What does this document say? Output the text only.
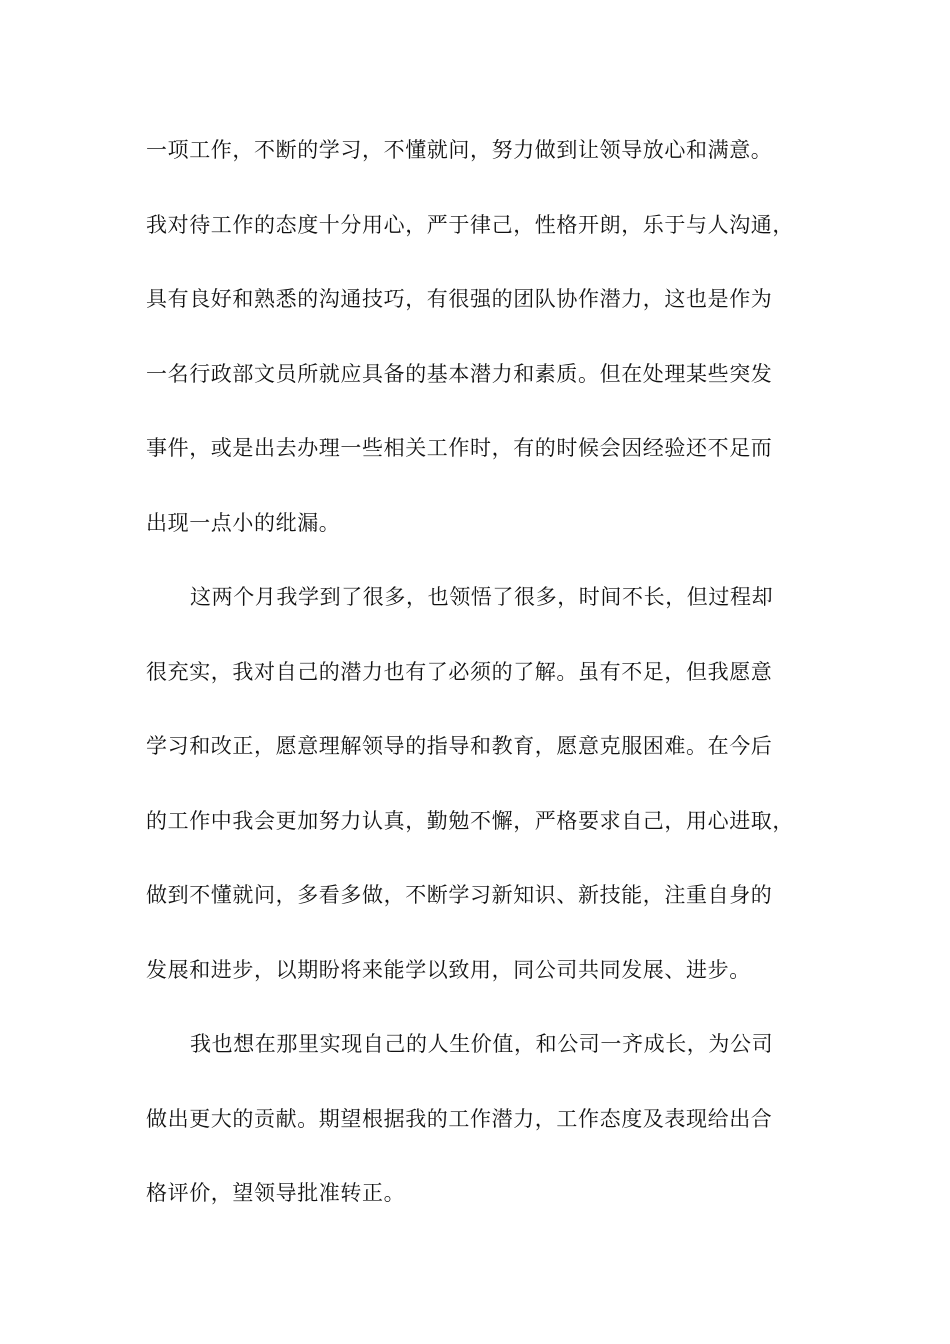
一项工作，不断的学习，不懂就问，努力做到让领导放心和满意。
我对待工作的态度十分用心，严于律己，性格开朗，乐于与人沟通，
具有良好和熟悉的沟通技巧，有很强的团队协作潜力，这也是作为
一名行政部文员所就应具备的基本潜力和素质。但在处理某些突发
事件，或是出去办理一些相关工作时，有的时候会因经验还不足而
出现一点小的纰漏。
这两个月我学到了很多，也领悟了很多，时间不长，但过程却
很充实，我对自己的潜力也有了必须的了解。虽有不足，但我愿意
学习和改正，愿意理解领导的指导和教育，愿意克服困难。在今后
的工作中我会更加努力认真，勤勉不懈，严格要求自己，用心进取，
做到不懂就问，多看多做，不断学习新知识、新技能，注重自身的
发展和进步，以期盼将来能学以致用，同公司共同发展、进步。
我也想在那里实现自己的人生价值，和公司一齐成长，为公司
做出更大的贡献。期望根据我的工作潜力，工作态度及表现给出合
格评价，望领导批准转正。
